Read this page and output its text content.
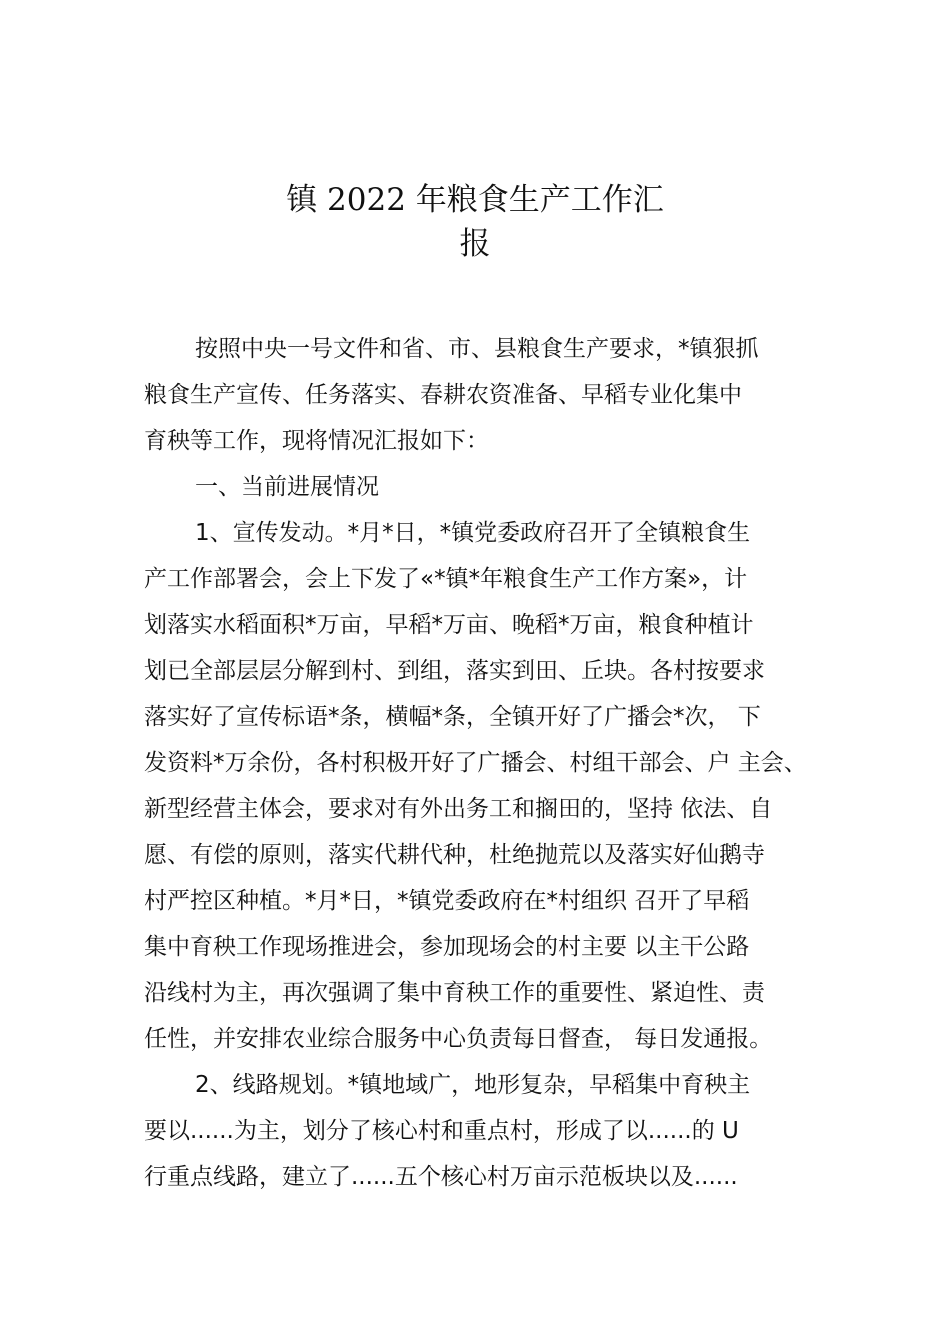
镇 2022 年粮食生产工作汇
报
按照中央一号文件和省、市、县粮食生产要求，*镇狠抓
粮食生产宣传、任务落实、春耕农资准备、早稻专业化集中
育秧等工作，现将情况汇报如下：
一、当前进展情况
1、宣传发动。*月*日，*镇党委政府召开了全镇粮食生
产工作部署会，会上下发了«*镇*年粮食生产工作方案»，计
划落实水稻面积*万亩，早稻*万亩、晚稻*万亩，粮食种植计
划已全部层层分解到村、到组，落实到田、丘块。各村按要求
落实好了宣传标语*条，横幅*条，全镇开好了广播会*次， 下
发资料*万余份，各村积极开好了广播会、村组干部会、户 主会、
新型经营主体会，要求对有外出务工和搁田的，坚持 依法、自
愿、有偿的原则，落实代耕代种，杜绝抛荒以及落实好仙鹅寺
村严控区种植。*月*日，*镇党委政府在*村组织 召开了早稻
集中育秧工作现场推进会，参加现场会的村主要 以主干公路
沿线村为主，再次强调了集中育秧工作的重要性、紧迫性、责
任性，并安排农业综合服务中心负责每日督查， 每日发通报。
2、线路规划。*镇地域广，地形复杂，早稻集中育秧主
要以......为主，划分了核心村和重点村，形成了以......的 U
行重点线路，建立了......五个核心村万亩示范板块以及......
